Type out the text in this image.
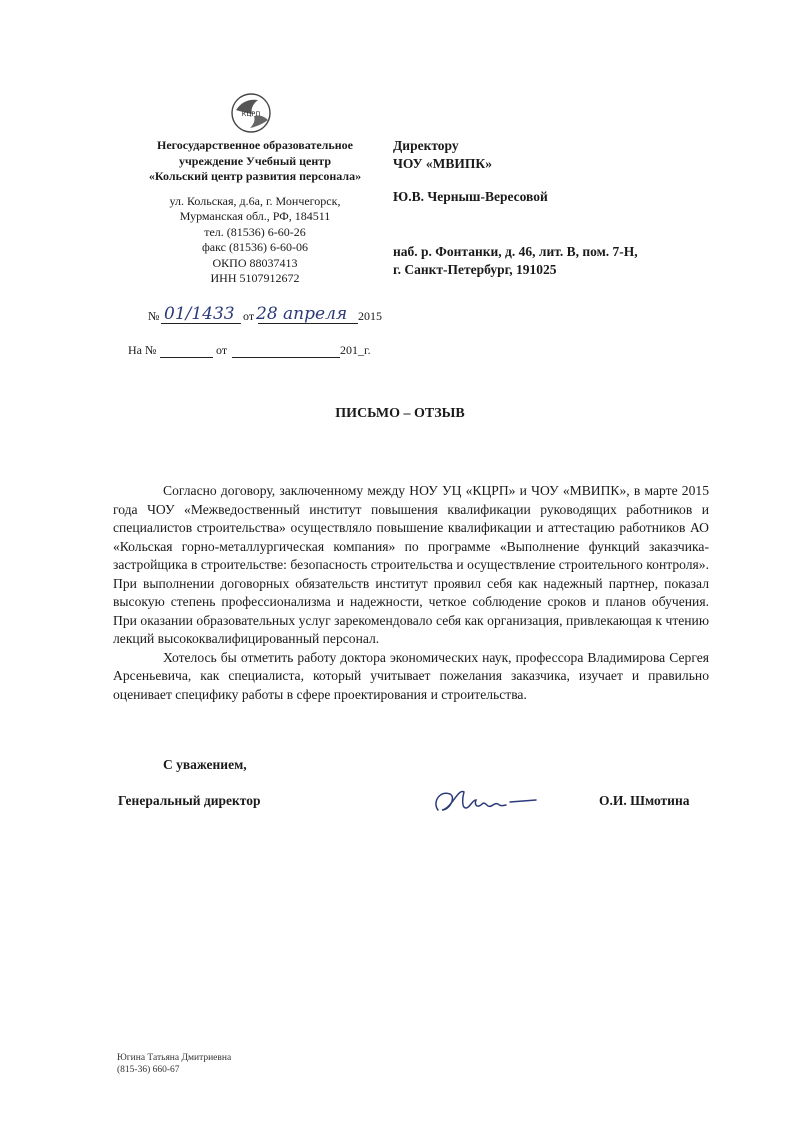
КЦРП
Негосударственное образовательное
учреждение Учебный центр
«Кольский центр развития персонала»
ул. Кольская, д.6а, г. Мончегорск,
Мурманская обл., РФ, 184511
тел. (81536) 6-60-26
факс (81536) 6-60-06
ОКПО 88037413
ИНН 5107912672
№ 01/1433 от 28 апреля 2015
На №	от	201_г.
Директору
ЧОУ «МВИПК»
Ю.В. Черныш-Вересовой
наб. р. Фонтанки, д. 46, лит. В, пом. 7-Н,
г. Санкт-Петербург, 191025
ПИСЬМО – ОТЗЫВ

Согласно договору, заключенному между НОУ УЦ «КЦРП» и ЧОУ «МВИПК», в марте 2015 года ЧОУ «Межведоственный институт повышения квалификации руководящих работников и специалистов строительства» осуществляло повышение квалификации и аттестацию работников АО «Кольская горно-металлургическая компания» по программе «Выполнение функций заказчика-застройщика в строительстве: безопасность строительства и осуществление строительного контроля». При выполнении договорных обязательств институт проявил себя как надежный партнер, показал высокую степень профессионализма и надежности, четкое соблюдение сроков и планов обучения. При оказании образовательных услуг зарекомендовало себя как организация, привлекающая к чтению лекций высококвалифицированный персонал.

Хотелось бы отметить работу доктора экономических наук, профессора Владимирова Сергея Арсеньевича, как специалиста, который учитывает пожелания заказчика, изучает и правильно оценивает специфику работы в сфере проектирования и строительства.

С уважением,
Генеральный директор	О.И. Шмотина
Югина Татьяна Дмитриевна
(815-36) 660-67
